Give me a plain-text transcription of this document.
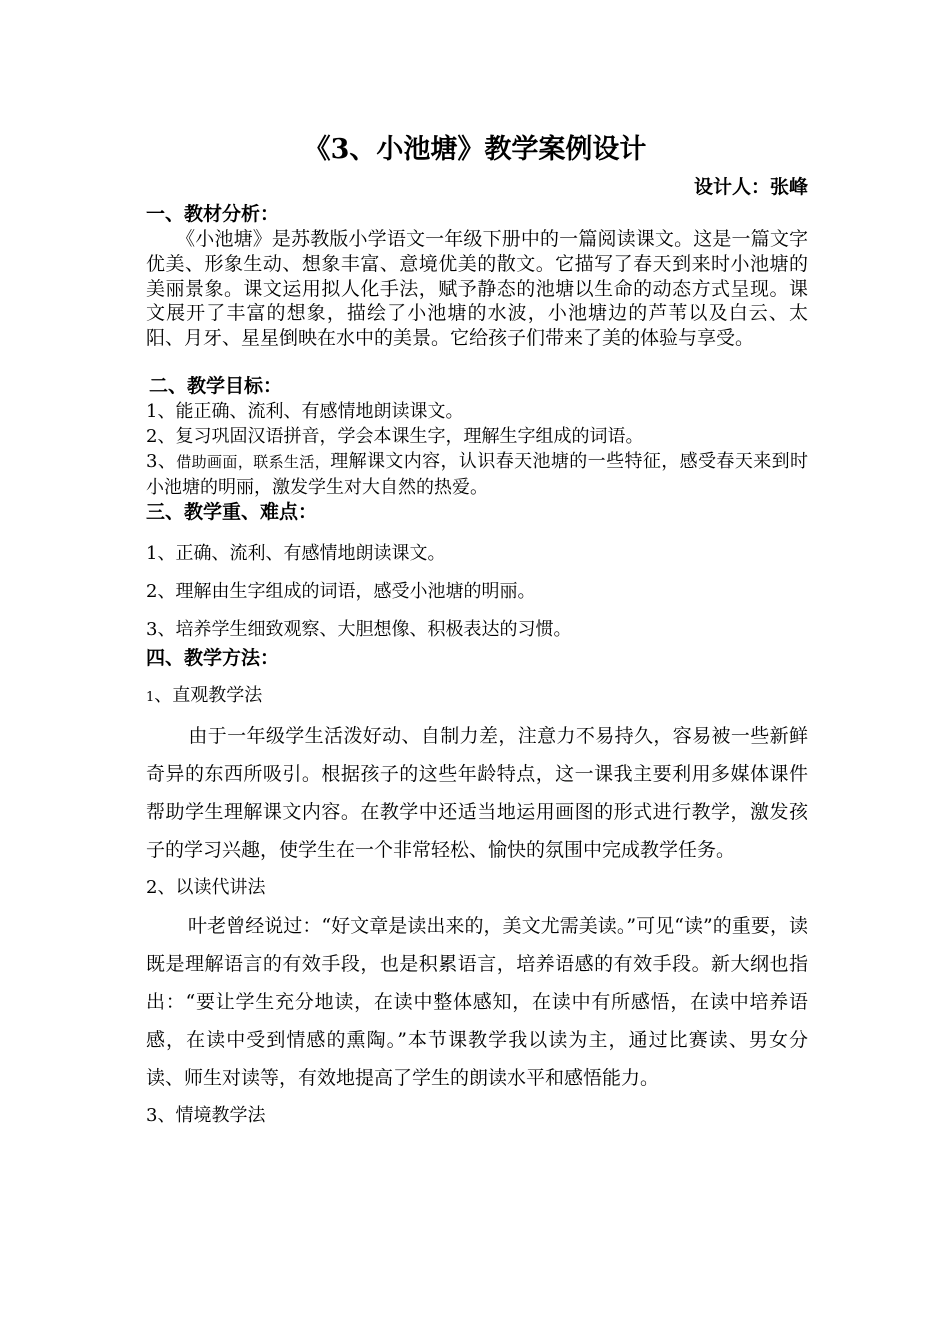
《3、小池塘》教学案例设计
设计人：张峰
一、教材分析：
《小池塘》是苏教版小学语文一年级下册中的一篇阅读课文。这是一篇文字优美、形象生动、想象丰富、意境优美的散文。它描写了春天到来时小池塘的美丽景象。课文运用拟人化手法，赋予静态的池塘以生命的动态方式呈现。课文展开了丰富的想象，描绘了小池塘的水波，小池塘边的芦苇以及白云、太阳、月牙、星星倒映在水中的美景。它给孩子们带来了美的体验与享受。
二、教学目标：
1、能正确、流利、有感情地朗读课文。
2、复习巩固汉语拼音，学会本课生字，理解生字组成的词语。
3、借助画面，联系生活，理解课文内容，认识春天池塘的一些特征，感受春天来到时小池塘的明丽，激发学生对大自然的热爱。
三、教学重、难点：
1、正确、流利、有感情地朗读课文。
2、理解由生字组成的词语，感受小池塘的明丽。
3、培养学生细致观察、大胆想像、积极表达的习惯。
四、教学方法：
1、直观教学法
由于一年级学生活泼好动、自制力差，注意力不易持久，容易被一些新鲜奇异的东西所吸引。根据孩子的这些年龄特点，这一课我主要利用多媒体课件帮助学生理解课文内容。在教学中还适当地运用画图的形式进行教学，激发孩子的学习兴趣，使学生在一个非常轻松、愉快的氛围中完成教学任务。
2、以读代讲法
叶老曾经说过：“好文章是读出来的，美文尤需美读。”可见“读”的重要，读既是理解语言的有效手段，也是积累语言，培养语感的有效手段。新大纲也指出：“要让学生充分地读，在读中整体感知，在读中有所感悟，在读中培养语感，在读中受到情感的熏陶。”本节课教学我以读为主，通过比赛读、男女分读、师生对读等，有效地提高了学生的朗读水平和感悟能力。
3、情境教学法
